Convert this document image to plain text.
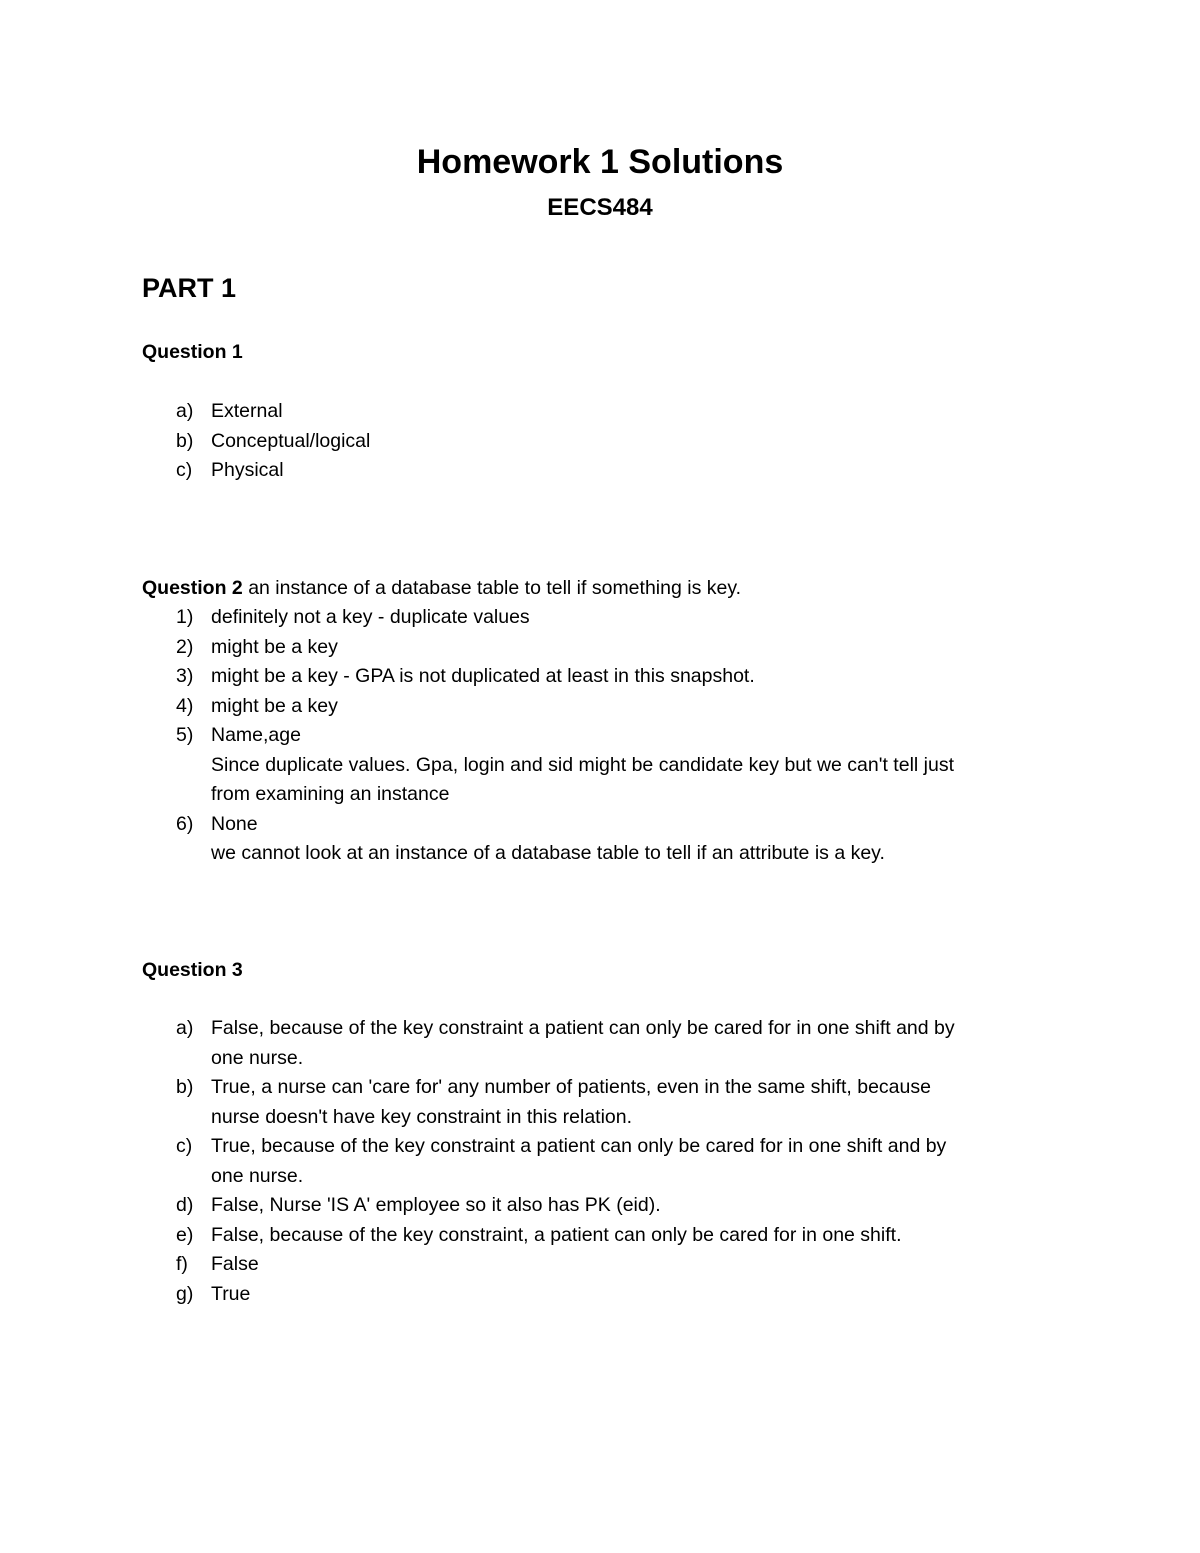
Homework 1 Solutions
EECS484
PART 1
Question 1
a) External
b) Conceptual/logical
c) Physical
Question 2 an instance of a database table to tell if something is key.
1) definitely not a key - duplicate values
2) might be a key
3) might be a key - GPA is not duplicated at least in this snapshot.
4) might be a key
5) Name,age
Since duplicate values. Gpa, login and sid might be candidate key but we can't tell just
from examining an instance
6) None
we cannot look at an instance of a database table to tell if an attribute is a key.
Question 3
a) False, because of the key constraint a patient can only be cared for in one shift and by
one nurse.
b) True, a nurse can 'care for' any number of patients, even in the same shift, because
nurse doesn't have key constraint in this relation.
c) True, because of the key constraint a patient can only be cared for in one shift and by
one nurse.
d) False, Nurse 'IS A' employee so it also has PK (eid).
e) False, because of the key constraint, a patient can only be cared for in one shift.
f)	False
g) True
